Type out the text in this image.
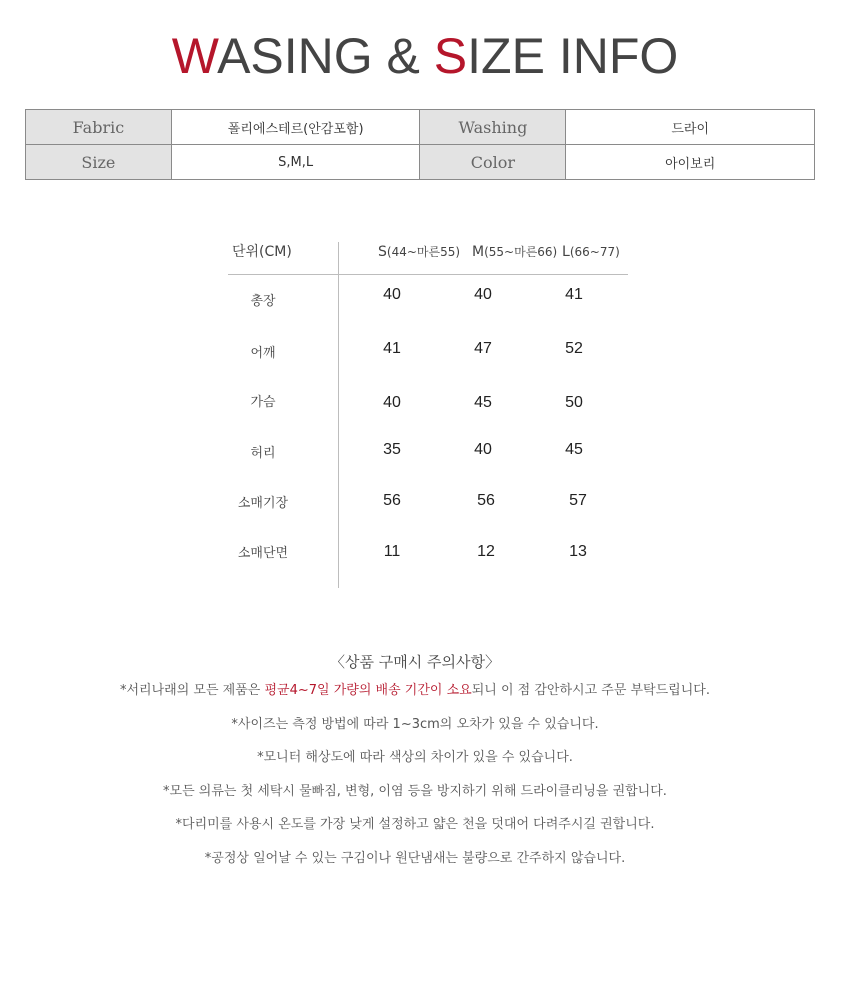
WASING & SIZE INFO
Fabric	폴리에스테르(안감포함)	Washing	드라이
Size	S,M,L	Color	아이보리
단위(CM)	S(44~마른55) M(55~마른66) L(66~77)
총장	40	40	41
어깨	41	47	52
가슴	40	45	50
허리	35	40	45
소매기장	56	56	57
소매단면	11	12	13
〈상품 구매시 주의사항〉
*서리나래의 모든 제품은 평균4~7일 가량의 배송 기간이 소요되니 이 점 감안하시고 주문 부탁드립니다.
*사이즈는 측정 방법에 따라 1~3cm의 오차가 있을 수 있습니다.
*모니터 해상도에 따라 색상의 차이가 있을 수 있습니다.
*모든 의류는 첫 세탁시 물빠짐, 변형, 이염 등을 방지하기 위해 드라이클리닝을 권합니다.
*다리미를 사용시 온도를 가장 낮게 설정하고 얇은 천을 덧대어 다려주시길 권합니다.
*공정상 일어날 수 있는 구김이나 원단냄새는 불량으로 간주하지 않습니다.
